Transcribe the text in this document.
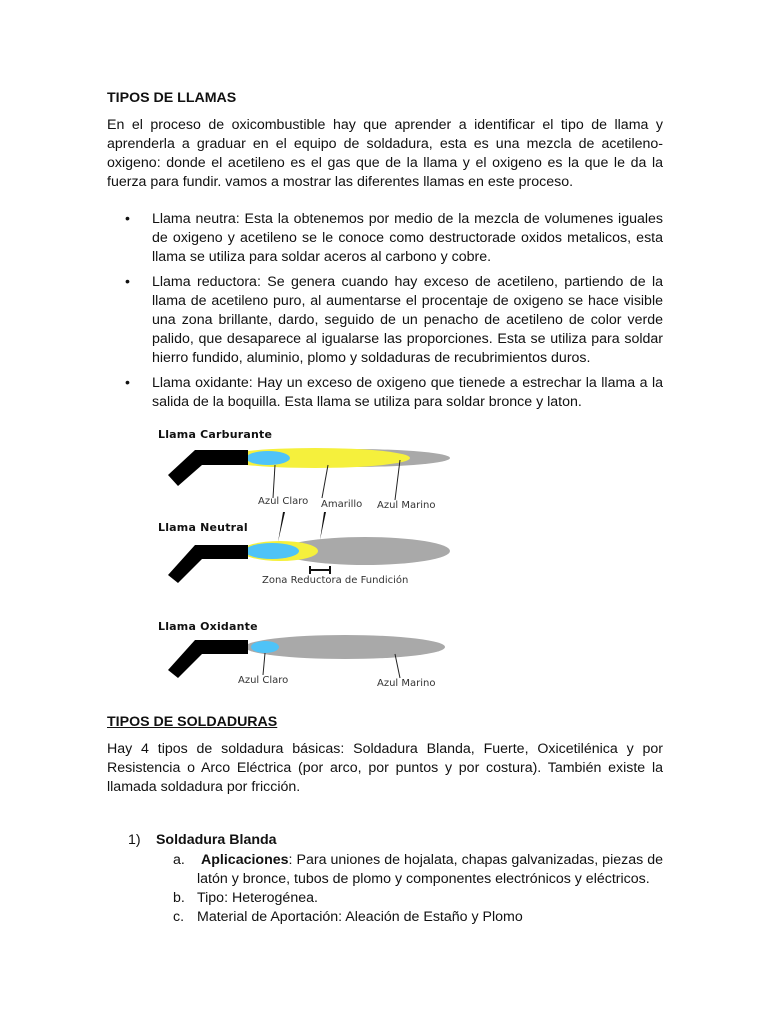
TIPOS DE LLAMAS

En el proceso de oxicombustible hay que aprender a identificar el tipo de llama y aprenderla a graduar en el equipo de soldadura, esta es una mezcla de acetileno-oxigeno: donde el acetileno es el gas que de la llama y el oxigeno es la que le da la fuerza para fundir. vamos a mostrar las diferentes llamas en este proceso.

• Llama neutra: Esta la obtenemos por medio de la mezcla de volumenes iguales de oxigeno y acetileno se le conoce como destructorade oxidos metalicos, esta llama se utiliza para soldar aceros al carbono y cobre.
• Llama reductora: Se genera cuando hay exceso de acetileno, partiendo de la llama de acetileno puro, al aumentarse el procentaje de oxigeno se hace visible una zona brillante, dardo, seguido de un penacho de acetileno de color verde palido, que desaparece al igualarse las proporciones. Esta se utiliza para soldar hierro fundido, aluminio, plomo y soldaduras de recubrimientos duros.
• Llama oxidante: Hay un exceso de oxigeno que tienede a estrechar la llama a la salida de la boquilla. Esta llama se utiliza para soldar bronce y laton.
Llama Carburante
Azul Claro Amarillo Azul Marino
Llama Neutral
Zona Reductora de Fundición
Llama Oxidante
Azul Claro	Azul Marino
TIPOS DE SOLDADURAS

Hay 4 tipos de soldadura básicas: Soldadura Blanda, Fuerte, Oxicetilénica y por Resistencia o Arco Eléctrica (por arco, por puntos y por costura). También existe la llamada soldadura por fricción.

1) Soldadura Blanda
a. Aplicaciones: Para uniones de hojalata, chapas galvanizadas, piezas de latón y bronce, tubos de plomo y componentes electrónicos y eléctricos.
b. Tipo: Heterogénea.
c. Material de Aportación: Aleación de Estaño y Plomo
